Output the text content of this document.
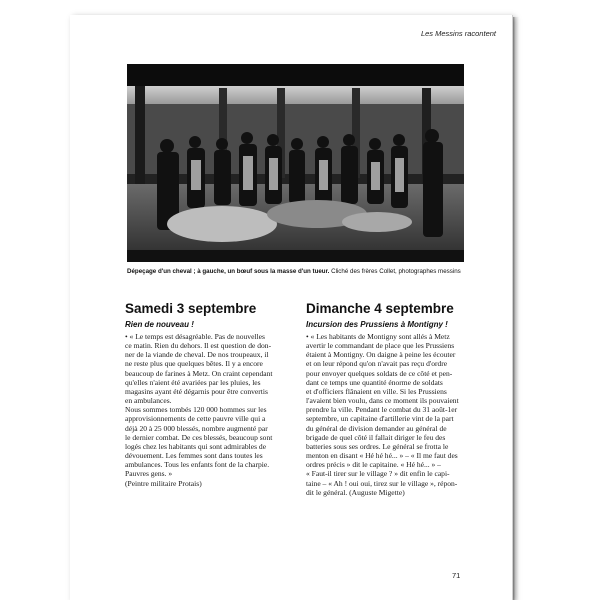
Les Messins racontent
Dépeçage d'un cheval ; à gauche, un bœuf sous la masse d'un tueur. Cliché des frères Collet, photographes messins
Samedi 3 septembre
Rien de nouveau !
• « Le temps est désagréable. Pas de nouvelles
ce matin. Rien du dehors. Il est question de don-
ner de la viande de cheval. De nos troupeaux, il
ne reste plus que quelques bêtes. Il y a encore
beaucoup de farines à Metz. On craint cependant
qu'elles n'aient été avariées par les pluies, les
magasins ayant été dégarnis pour être convertis
en ambulances.
Nous sommes tombés 120 000 hommes sur les
approvisionnements de cette pauvre ville qui a
déjà 20 à 25 000 blessés, nombre augmenté par
le dernier combat. De ces blessés, beaucoup sont
logés chez les habitants qui sont admirables de
dévouement. Les femmes sont dans toutes les
ambulances. Tous les enfants font de la charpie.
Pauvres gens. »
(Peintre militaire Protais)
Dimanche 4 septembre
Incursion des Prussiens à Montigny !
• « Les habitants de Montigny sont allés à Metz
avertir le commandant de place que les Prussiens
étaient à Montigny. On daigne à peine les écouter
et on leur répond qu'on n'avait pas reçu d'ordre
pour envoyer quelques soldats de ce côté et pen-
dant ce temps une quantité énorme de soldats
et d'officiers flânaient en ville. Si les Prussiens
l'avaient bien voulu, dans ce moment ils pouvaient
prendre la ville. Pendant le combat du 31 août-1er
septembre, un capitaine d'artillerie vint de la part
du général de division demander au général de
brigade de quel côté il fallait diriger le feu des
batteries sous ses ordres. Le général se frotta le
menton en disant « Hé hé hé... » – « Il me faut des
ordres précis » dit le capitaine. « Hé hé... » –
« Faut-il tirer sur le village ? » dit enfin le capi-
taine – « Ah ! oui oui, tirez sur le village », répon-
dit le général. (Auguste Migette)
71
